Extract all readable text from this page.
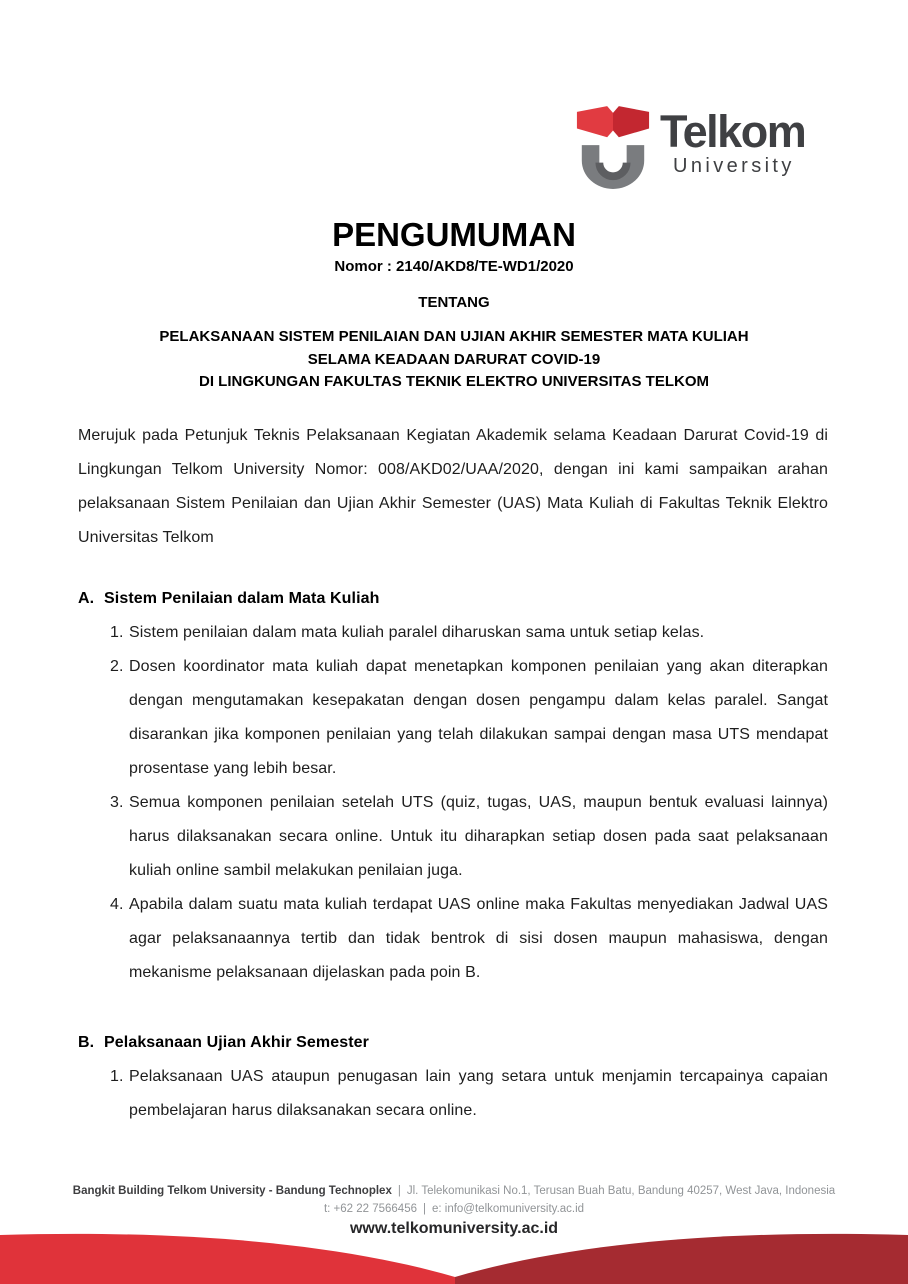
Telkom
University
PENGUMUMAN
Nomor : 2140/AKD8/TE-WD1/2020
TENTANG
PELAKSANAAN SISTEM PENILAIAN DAN UJIAN AKHIR SEMESTER MATA KULIAH
SELAMA KEADAAN DARURAT COVID-19
DI LINGKUNGAN FAKULTAS TEKNIK ELEKTRO UNIVERSITAS TELKOM

Merujuk pada Petunjuk Teknis Pelaksanaan Kegiatan Akademik selama Keadaan Darurat Covid-19 di Lingkungan Telkom University Nomor: 008/AKD02/UAA/2020, dengan ini kami sampaikan arahan pelaksanaan Sistem Penilaian dan Ujian Akhir Semester (UAS) Mata Kuliah di Fakultas Teknik Elektro Universitas Telkom

A. Sistem Penilaian dalam Mata Kuliah
1. Sistem penilaian dalam mata kuliah paralel diharuskan sama untuk setiap kelas.
2. Dosen koordinator mata kuliah dapat menetapkan komponen penilaian yang akan diterapkan dengan mengutamakan kesepakatan dengan dosen pengampu dalam kelas paralel. Sangat disarankan jika komponen penilaian yang telah dilakukan sampai dengan masa UTS mendapat prosentase yang lebih besar.
3. Semua komponen penilaian setelah UTS (quiz, tugas, UAS, maupun bentuk evaluasi lainnya) harus dilaksanakan secara online. Untuk itu diharapkan setiap dosen pada saat pelaksanaan kuliah online sambil melakukan penilaian juga.
4. Apabila dalam suatu mata kuliah terdapat UAS online maka Fakultas menyediakan Jadwal UAS agar pelaksanaannya tertib dan tidak bentrok di sisi dosen maupun mahasiswa, dengan mekanisme pelaksanaan dijelaskan pada poin B.
B. Pelaksanaan Ujian Akhir Semester
1. Pelaksanaan UAS ataupun penugasan lain yang setara untuk menjamin tercapainya capaian pembelajaran harus dilaksanakan secara online.
Bangkit Building Telkom University - Bandung Technoplex | Jl. Telekomunikasi No.1, Terusan Buah Batu, Bandung 40257, West Java, Indonesia
t: +62 22 7566456 | e: info@telkomuniversity.ac.id
www.telkomuniversity.ac.id
